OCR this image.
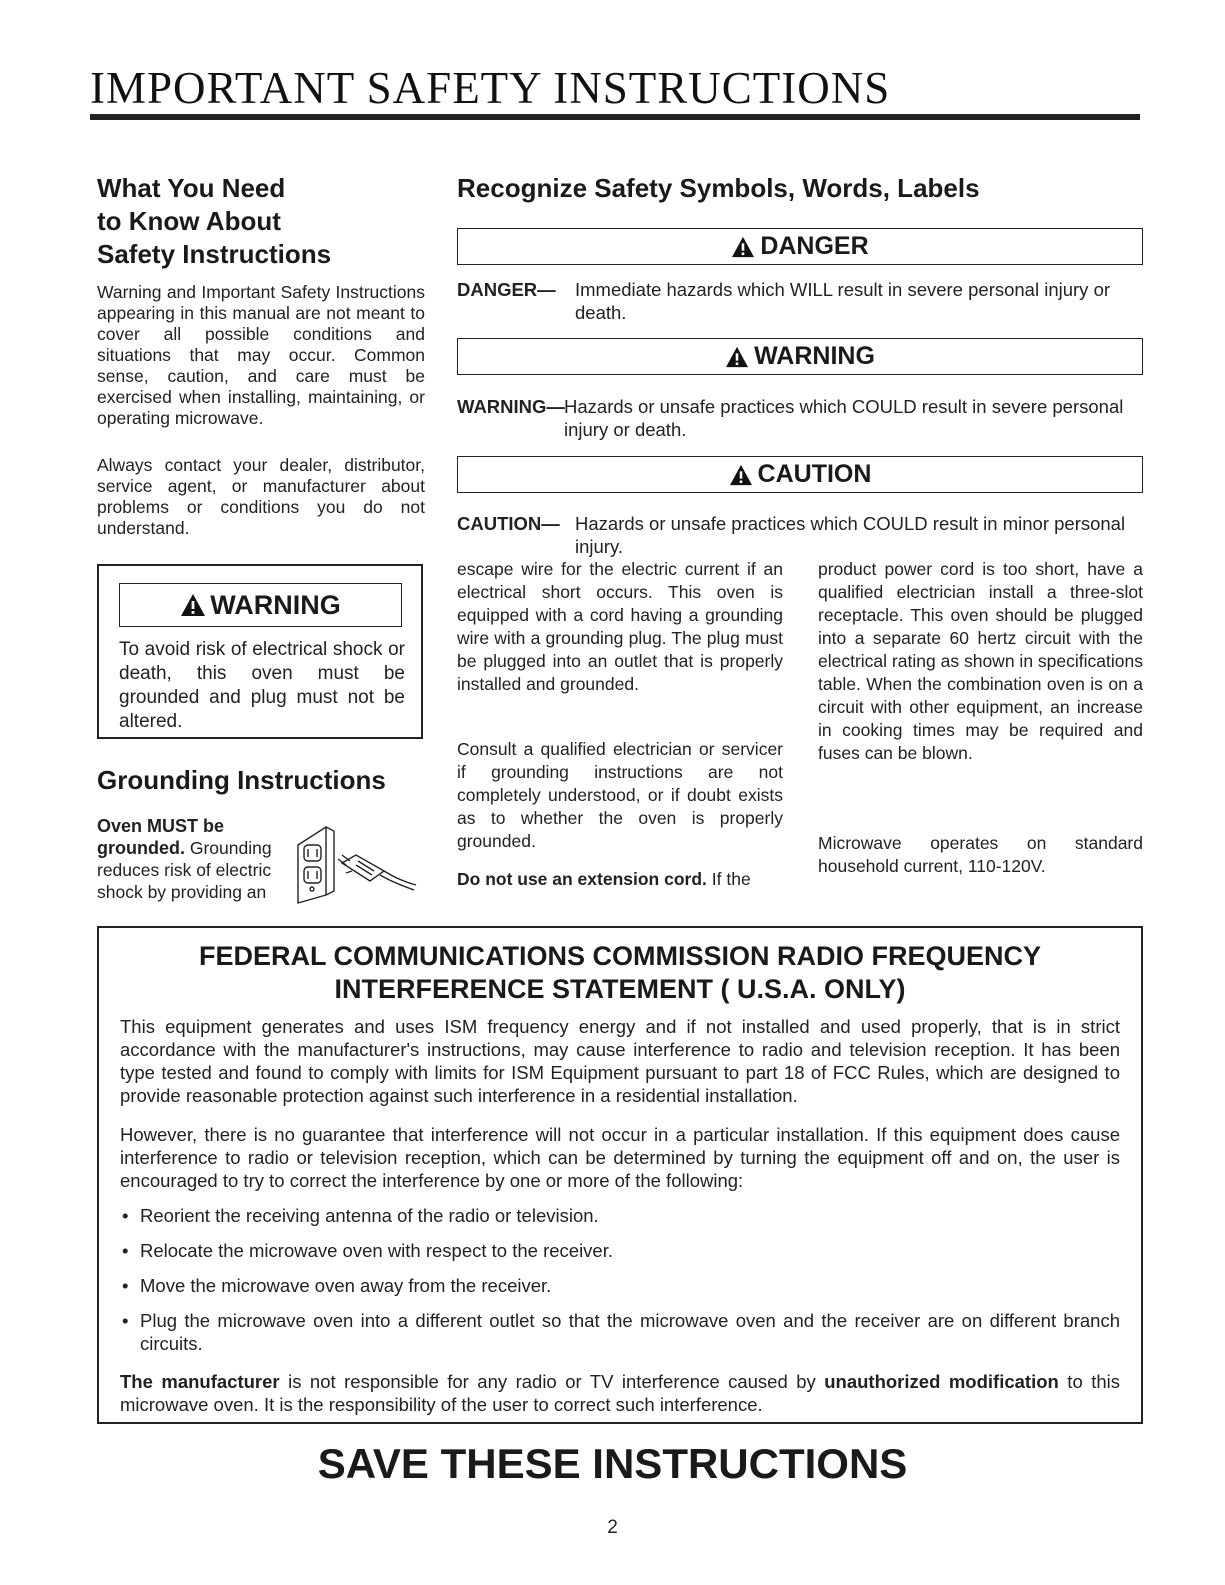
IMPORTANT SAFETY INSTRUCTIONS
What You Need
to Know About
Safety Instructions

Warning and Important Safety Instructions appearing in this manual are not meant to cover all possible conditions and situations that may occur. Common sense, caution, and care must be exercised when installing, maintaining, or operating microwave.

Always contact your dealer, distributor, service agent, or manufacturer about problems or conditions you do not understand.

WARNING

To avoid risk of electrical shock or death, this oven must be grounded and plug must not be altered.

Grounding Instructions

Oven MUST be grounded. Grounding reduces risk of electric shock by providing an

Recognize Safety Symbols, Words, Labels
DANGER
DANGER—	Immediate hazards which WILL result in severe personal injury or death.
WARNING
WARNING— Hazards or unsafe practices which COULD result in severe personal injury or death.
CAUTION
CAUTION— Hazards or unsafe practices which COULD result in minor personal injury.

escape wire for the electric current if an electrical short occurs. This oven is equipped with a cord having a grounding wire with a grounding plug. The plug must be plugged into an outlet that is properly installed and grounded.

Consult a qualified electrician or servicer if grounding instructions are not completely understood, or if doubt exists as to whether the oven is properly grounded.

Do not use an extension cord. If the

product power cord is too short, have a qualified electrician install a three-slot receptacle. This oven should be plugged into a separate 60 hertz circuit with the electrical rating as shown in specifications table. When the combination oven is on a circuit with other equipment, an increase in cooking times may be required and fuses can be blown.

Microwave operates on standard household current, 110-120V.

FEDERAL COMMUNICATIONS COMMISSION RADIO FREQUENCY
INTERFERENCE STATEMENT ( U.S.A. ONLY)

This equipment generates and uses ISM frequency energy and if not installed and used properly, that is in strict accordance with the manufacturer's instructions, may cause interference to radio and television reception. It has been type tested and found to comply with limits for ISM Equipment pursuant to part 18 of FCC Rules, which are designed to provide reasonable protection against such interference in a residential installation.

However, there is no guarantee that interference will not occur in a particular installation. If this equipment does cause interference to radio or television reception, which can be determined by turning the equipment off and on, the user is encouraged to try to correct the interference by one or more of the following:

• Reorient the receiving antenna of the radio or television.
• Relocate the microwave oven with respect to the receiver.
• Move the microwave oven away from the receiver.
• Plug the microwave oven into a different outlet so that the microwave oven and the receiver are on different branch circuits.

The manufacturer is not responsible for any radio or TV interference caused by unauthorized modification to this microwave oven. It is the responsibility of the user to correct such interference.

SAVE THESE INSTRUCTIONS
2
